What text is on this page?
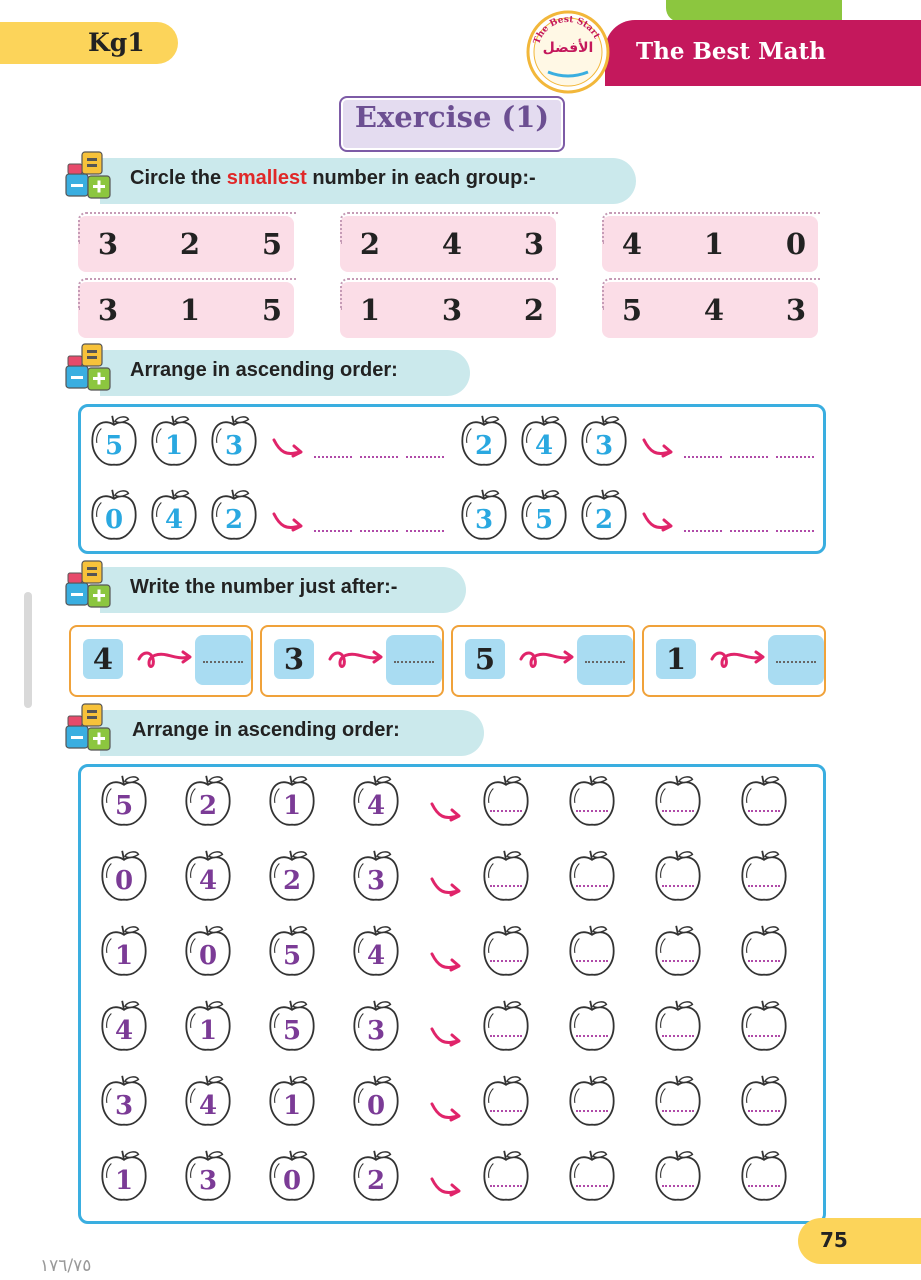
Kg1	The Best Math
The Best Start
الأفضل
Exercise (1)
Circle the smallest number in each group:-
3	2	5	2	4	3	4	1	0
3	1	5	1	3	2	5	4	3
Arrange in ascending order:
5	1	3	2	4	3
0	4	2	3	5	2
Write the number just after:-
4	3	5	1
Arrange in ascending order:
5	2	1	4
0	4	2	3
1	0	5	4
4	1	5	3
3	4	1	0
1	3	0	2
75
١٧٦/٧٥
